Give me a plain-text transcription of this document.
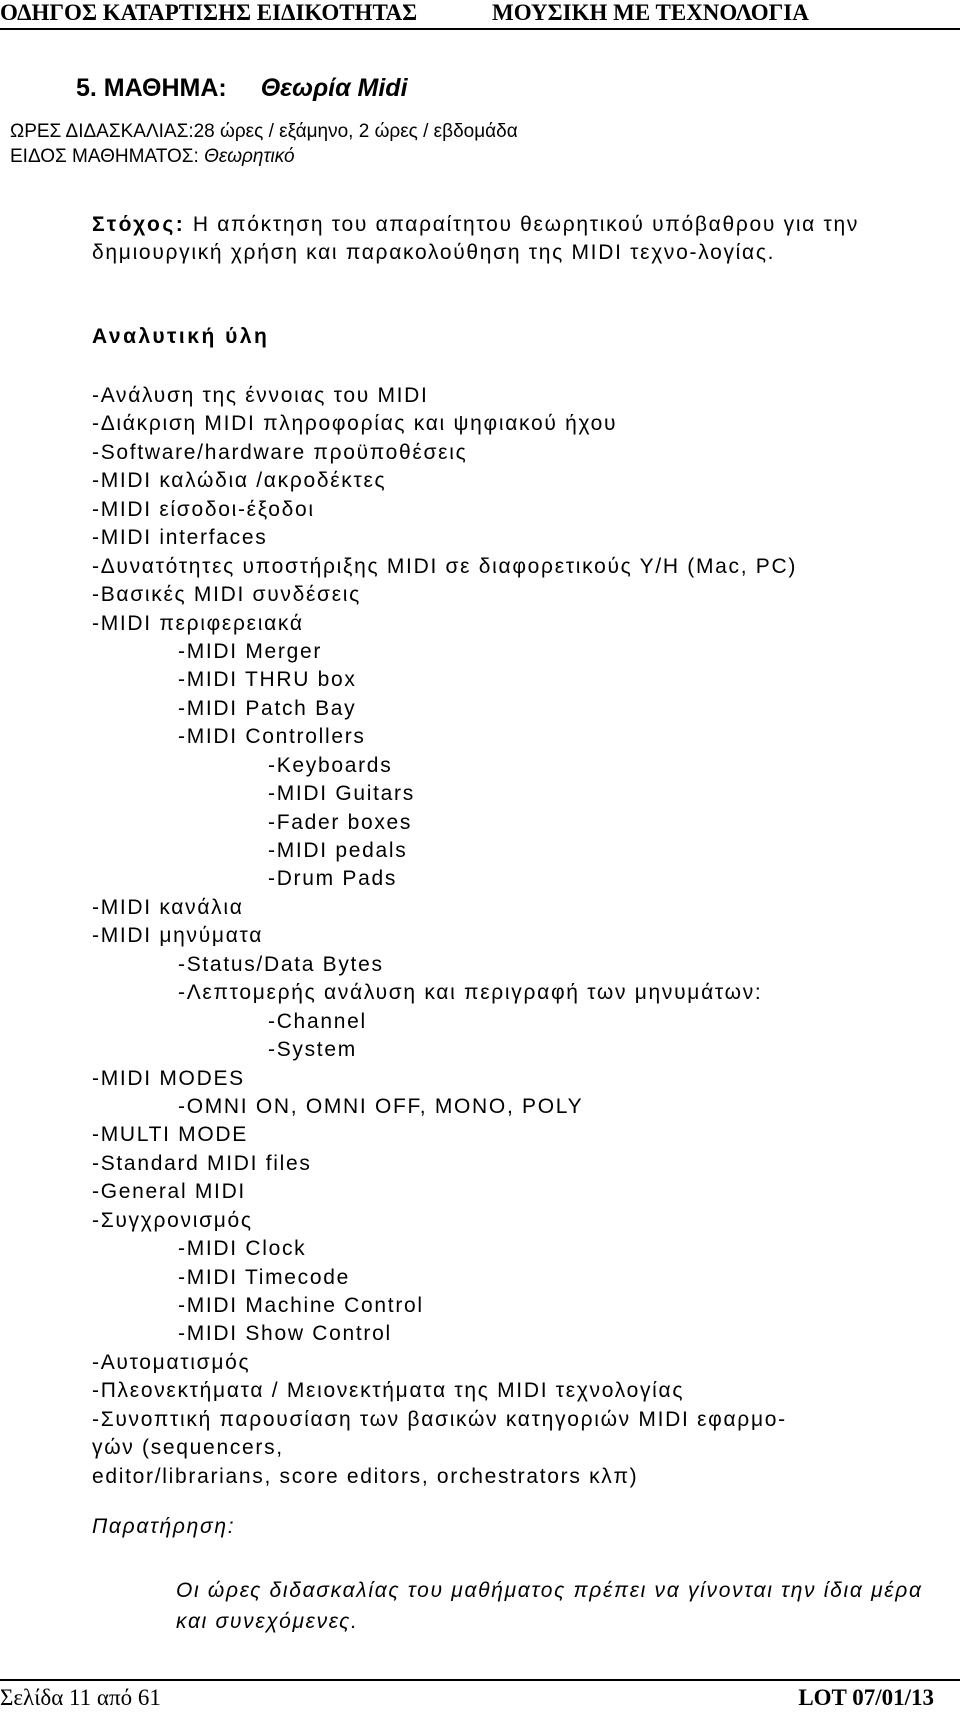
ΟΔΗΓΟΣ ΚΑΤΑΡΤΙΣΗΣ ΕΙΔΙΚΟΤΗΤΑΣ	ΜΟΥΣΙΚΗ ΜΕ ΤΕΧΝΟΛΟΓΙΑ
5. ΜΑΘΗΜΑ: Θεωρία Midi
ΩΡΕΣ ΔΙΔΑΣΚΑΛΙΑΣ:28 ώρες / εξάμηνο, 2 ώρες / εβδομάδα
ΕΙΔΟΣ ΜΑΘΗΜΑΤΟΣ: Θεωρητικό
Στόχος: Η απόκτηση του απαραίτητου θεωρητικού υπόβαθρου για την δημιουργική χρήση και παρακολούθηση της MIDI τεχνο-λογίας.
Αναλυτική ύλη
-Ανάλυση της έννοιας του MIDI
-Διάκριση MIDI πληροφορίας και ψηφιακού ήχου
-Software/hardware προϋποθέσεις
-MIDI καλώδια /ακροδέκτες
-MIDI είσοδοι-έξοδοι
-MIDI interfaces
-Δυνατότητες υποστήριξης MIDI σε διαφορετικούς Υ/Η (Mac, PC)
-Βασικές MIDI συνδέσεις
-MIDI περιφερειακά
-MIDI Merger
-MIDI THRU box
-MIDI Patch Bay
-MIDI Controllers
-Keyboards
-MIDI Guitars
-Fader boxes
-MIDI pedals
-Drum Pads
-MIDI κανάλια
-MIDI μηνύματα
-Status/Data Bytes
-Λεπτομερής ανάλυση και περιγραφή των μηνυμάτων:
-Channel
-System
-MIDI MODES
-OMNI ON, OMNI OFF, MONO, POLY
-MULTI MODE
-Standard MIDI files
-General MIDI
-Συγχρονισμός
-MIDI Clock
-MIDI Timecode
-MIDI Machine Control
-MIDI Show Control
-Αυτοματισμός
-Πλεονεκτήματα / Μειονεκτήματα της MIDI τεχνολογίας
-Συνοπτική παρουσίαση των βασικών κατηγοριών MIDI εφαρμο-
γών (sequencers,
editor/librarians, score editors, orchestrators κλπ)
Παρατήρηση:
Οι ώρες διδασκαλίας του μαθήματος πρέπει να γίνονται την ίδια μέρα και συνεχόμενες.
Σελίδα 11 από 61	LOT 07/01/13
